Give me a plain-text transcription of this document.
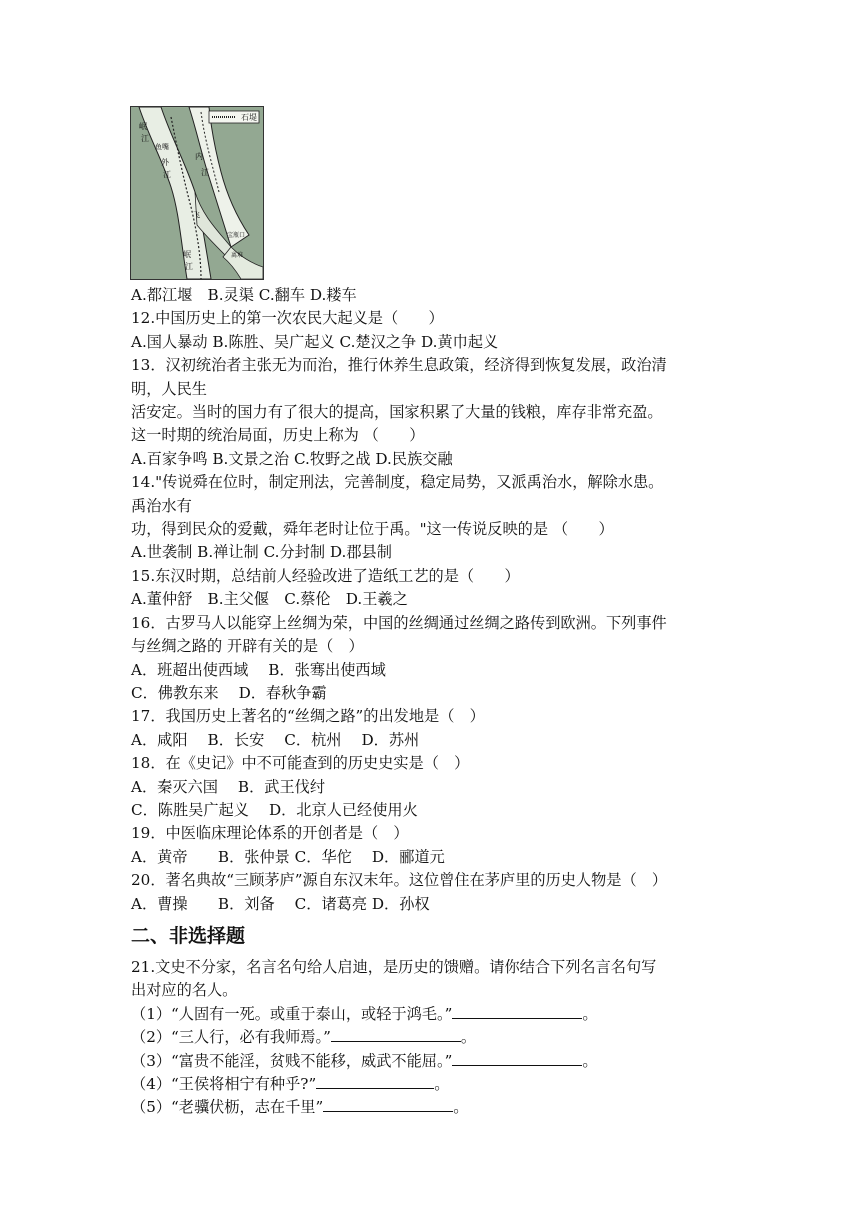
石堤
岷
江
鱼嘴
外
江
内
江
飞
宝瓶口
离堆
岷
江
A.都江堰　B.灵渠 C.翻车 D.耧车
12.中国历史上的第一次农民大起义是（　　）
A.国人暴动 B.陈胜、吴广起义 C.楚汉之争 D.黄巾起义
13．汉初统治者主张无为而治，推行休养生息政策，经济得到恢复发展，政治清
明，人民生
活安定。当时的国力有了很大的提高，国家积累了大量的钱粮，库存非常充盈。
这一时期的统治局面，历史上称为 （　　）
A.百家争鸣 B.文景之治 C.牧野之战 D.民族交融
14."传说舜在位时，制定刑法，完善制度，稳定局势，又派禹治水，解除水患。
禹治水有
功，得到民众的爱戴，舜年老时让位于禹。"这一传说反映的是 （　　）
A.世袭制 B.禅让制 C.分封制 D.郡县制
15.东汉时期，总结前人经验改进了造纸工艺的是（　　）
A.董仲舒　B.主父偃　C.蔡伦　D.王羲之
16．古罗马人以能穿上丝绸为荣，中国的丝绸通过丝绸之路传到欧洲。下列事件
与丝绸之路的 开辟有关的是（　）
A．班超出使西域　 B．张骞出使西域
C．佛教东来　 D．春秋争霸
17．我国历史上著名的“丝绸之路”的出发地是（　）
A．咸阳　 B．长安　 C．杭州　 D．苏州
18．在《史记》中不可能查到的历史史实是（　）
A．秦灭六国　 B．武王伐纣
C．陈胜吴广起义　 D．北京人已经使用火
19．中医临床理论体系的开创者是（　）
A．黄帝　　B．张仲景 C．华佗　 D．郦道元
20．著名典故“三顾茅庐”源自东汉末年。这位曾住在茅庐里的历史人物是（　）
A．曹操　　B．刘备　 C．诸葛亮 D．孙权
二、非选择题
21.文史不分家，名言名句给人启迪，是历史的馈赠。请你结合下列名言名句写
出对应的名人。
（1）“人固有一死。或重于泰山，或轻于鸿毛。”	。
（2）“三人行，必有我师焉。”	。
（3）“富贵不能淫，贫贱不能移，威武不能屈。”	。
（4）“王侯将相宁有种乎?”	。
（5）“老骥伏枥，志在千里”	。
